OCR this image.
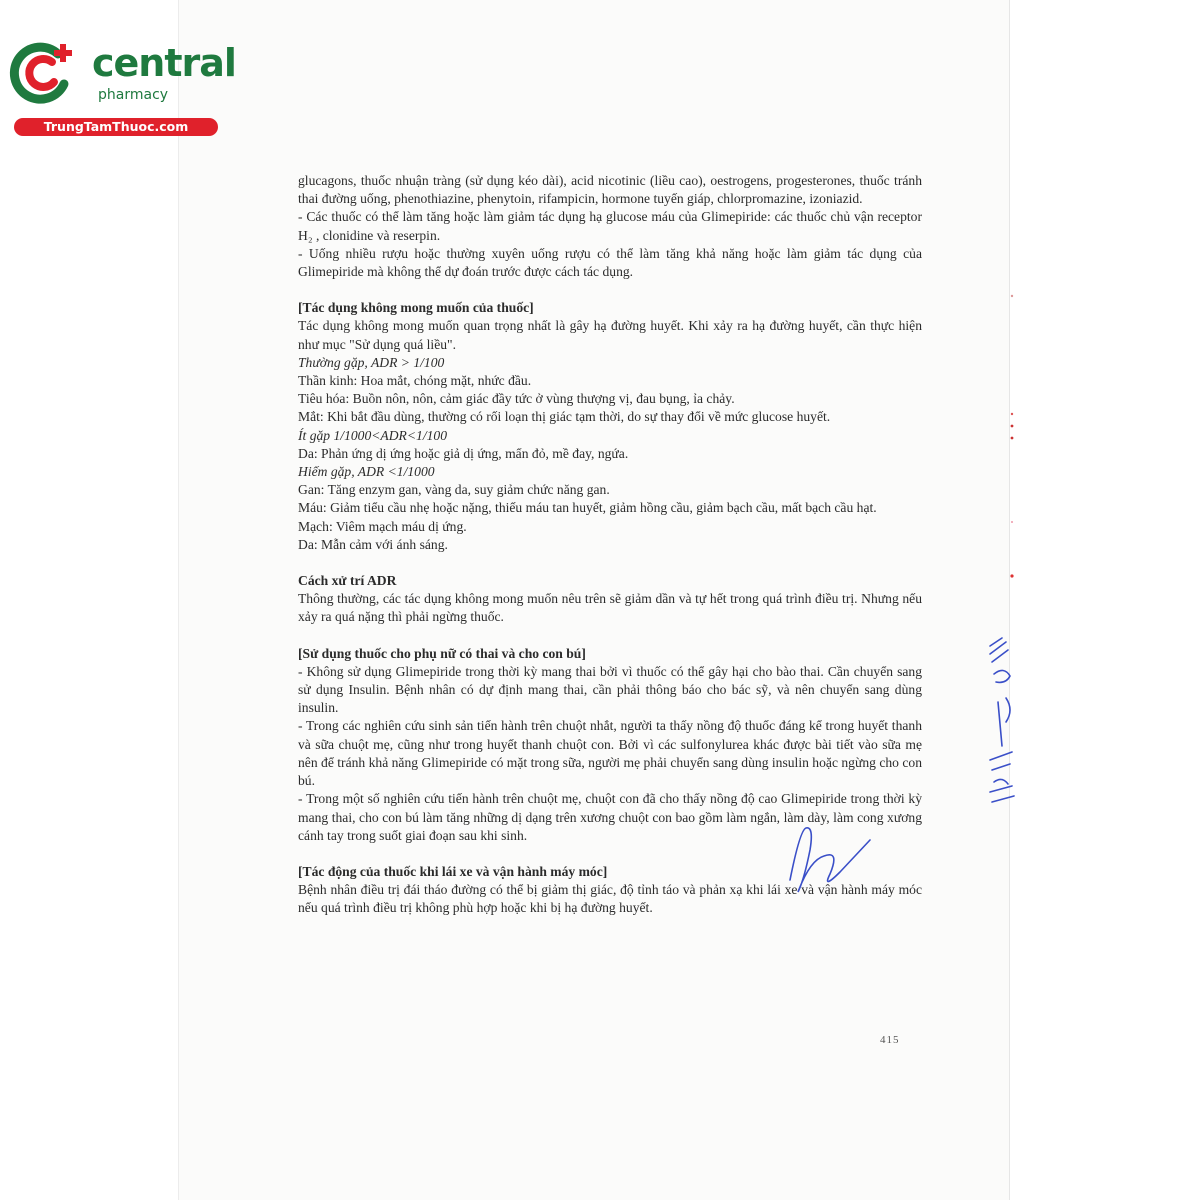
central
pharmacy
TrungTamThuoc.com

glucagons, thuốc nhuận tràng (sử dụng kéo dài), acid nicotinic (liều cao), oestrogens, progesterones, thuốc tránh thai đường uống, phenothiazine, phenytoin, rifampicin, hormone tuyến giáp, chlorpromazine, izoniazid.

- Các thuốc có thể làm tăng hoặc làm giảm tác dụng hạ glucose máu của Glimepiride: các thuốc chủ vận receptor H₂ , clonidine và reserpin.

- Uống nhiều rượu hoặc thường xuyên uống rượu có thể làm tăng khả năng hoặc làm giảm tác dụng của Glimepiride mà không thể dự đoán trước được cách tác dụng.

[Tác dụng không mong muốn của thuốc]

Tác dụng không mong muốn quan trọng nhất là gây hạ đường huyết. Khi xảy ra hạ đường huyết, cần thực hiện như mục "Sử dụng quá liều".

Thường gặp, ADR > 1/100

Thần kinh: Hoa mắt, chóng mặt, nhức đầu.

Tiêu hóa: Buồn nôn, nôn, cảm giác đầy tức ở vùng thượng vị, đau bụng, ỉa chảy.

Mắt: Khi bắt đầu dùng, thường có rối loạn thị giác tạm thời, do sự thay đổi về mức glucose huyết.

Ít gặp 1/1000<ADR<1/100

Da: Phản ứng dị ứng hoặc giả dị ứng, mẩn đỏ, mề đay, ngứa.

Hiếm gặp, ADR <1/1000

Gan: Tăng enzym gan, vàng da, suy giảm chức năng gan.

Máu: Giảm tiểu cầu nhẹ hoặc nặng, thiếu máu tan huyết, giảm hồng cầu, giảm bạch cầu, mất bạch cầu hạt.

Mạch: Viêm mạch máu dị ứng.

Da: Mẫn cảm với ánh sáng.

Cách xử trí ADR

Thông thường, các tác dụng không mong muốn nêu trên sẽ giảm dần và tự hết trong quá trình điều trị. Nhưng nếu xảy ra quá nặng thì phải ngừng thuốc.

[Sử dụng thuốc cho phụ nữ có thai và cho con bú]

- Không sử dụng Glimepiride trong thời kỳ mang thai bởi vì thuốc có thể gây hại cho bào thai. Cần chuyển sang sử dụng Insulin. Bệnh nhân có dự định mang thai, cần phải thông báo cho bác sỹ, và nên chuyển sang dùng insulin.

- Trong các nghiên cứu sinh sản tiến hành trên chuột nhắt, người ta thấy nồng độ thuốc đáng kể trong huyết thanh và sữa chuột mẹ, cũng như trong huyết thanh chuột con. Bởi vì các sulfonylurea khác được bài tiết vào sữa mẹ nên để tránh khả năng Glimepiride có mặt trong sữa, người mẹ phải chuyển sang dùng insulin hoặc ngừng cho con bú.

- Trong một số nghiên cứu tiến hành trên chuột mẹ, chuột con đã cho thấy nồng độ cao Glimepiride trong thời kỳ mang thai, cho con bú làm tăng những dị dạng trên xương chuột con bao gồm làm ngắn, làm dày, làm cong xương cánh tay trong suốt giai đoạn sau khi sinh.

[Tác động của thuốc khi lái xe và vận hành máy móc]

Bệnh nhân điều trị đái tháo đường có thể bị giảm thị giác, độ tỉnh táo và phản xạ khi lái xe và vận hành máy móc nếu quá trình điều trị không phù hợp hoặc khi bị hạ đường huyết.

415
